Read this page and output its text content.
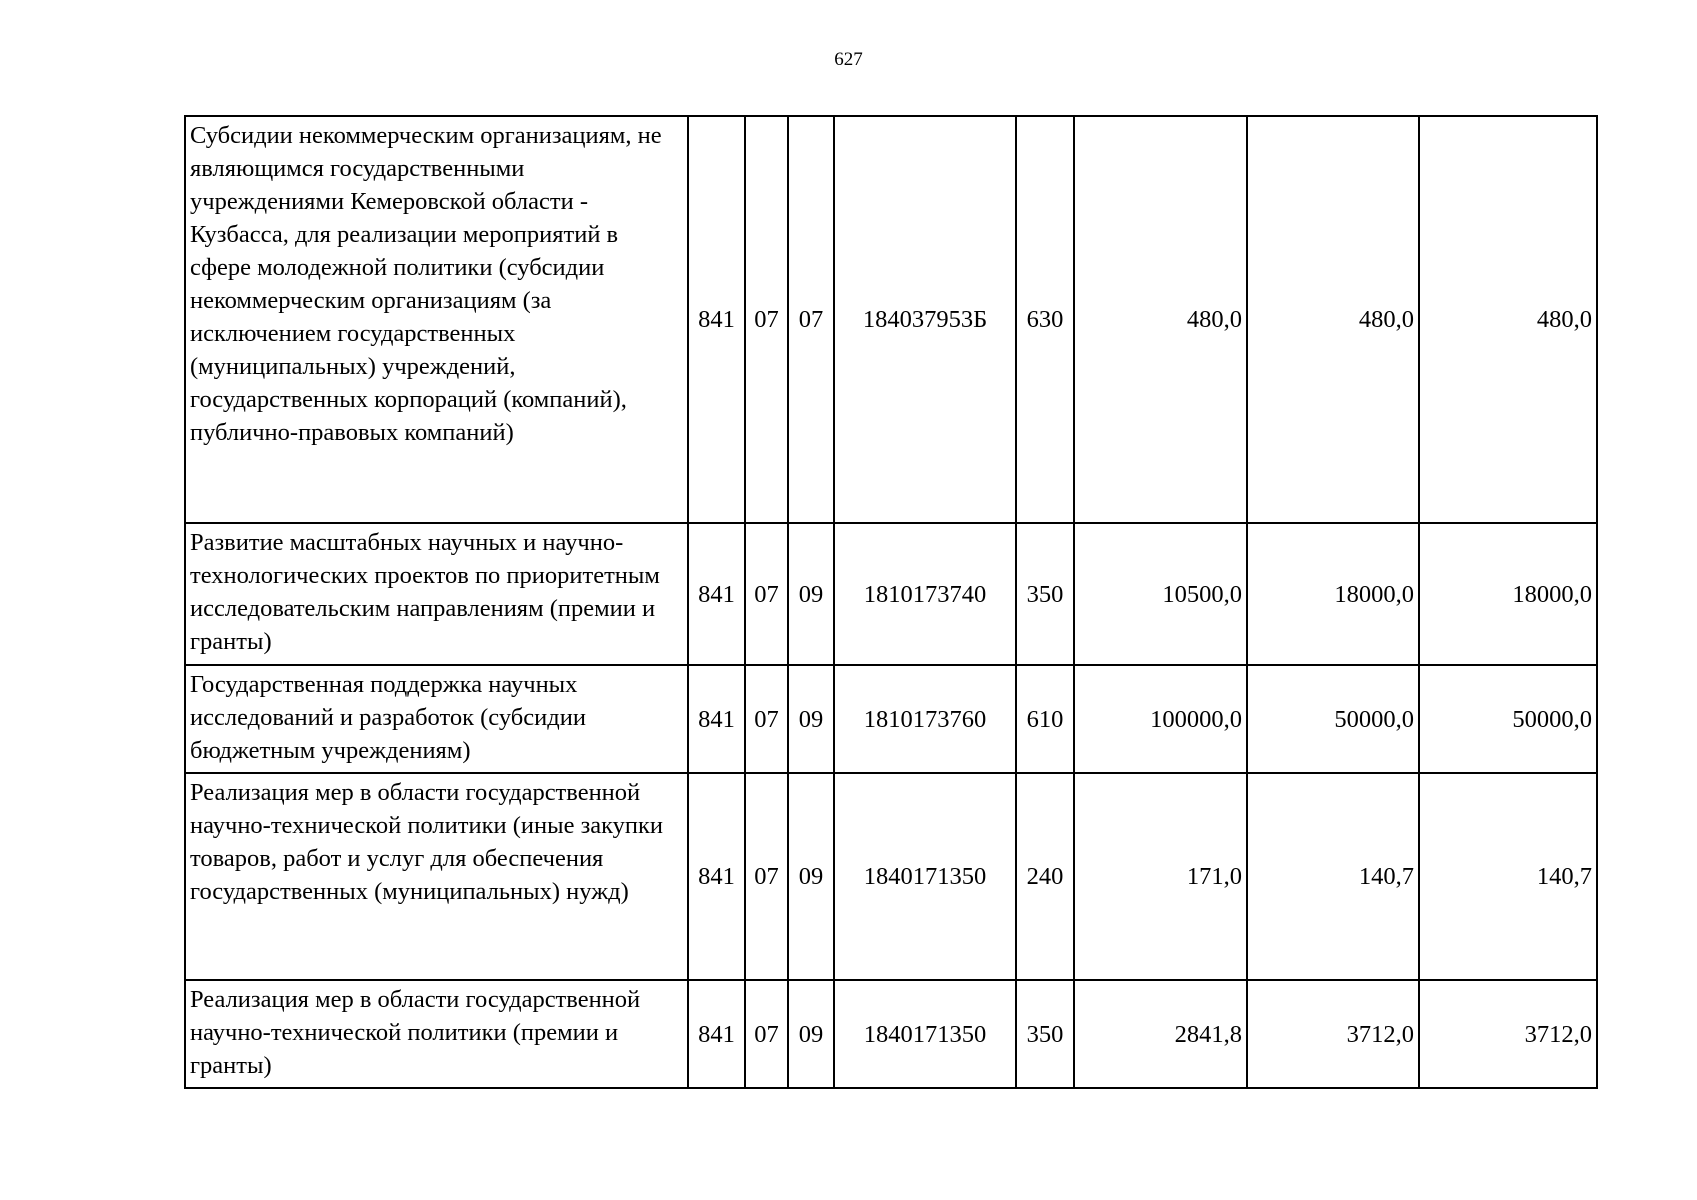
627
Субсидии некоммерческим организациям, не являющимся государственными учреждениями Кемеровской области - Кузбасса, для реализации мероприятий в сфере молодежной политики (субсидии некоммерческим организациям (за исключением государственных (муниципальных) учреждений, государственных корпораций (компаний), публично-правовых компаний)	841	07	07	184037953Б	630	480,0	480,0	480,0
Развитие масштабных научных и научно-технологических проектов по приоритетным исследовательским направлениям (премии и гранты)	841	07	09	1810173740	350	10500,0	18000,0	18000,0
Государственная поддержка научных исследований и разработок (субсидии бюджетным учреждениям)	841	07	09	1810173760	610	100000,0	50000,0	50000,0
Реализация мер в области государственной научно-технической политики (иные закупки товаров, работ и услуг для обеспечения государственных (муниципальных) нужд)	841	07	09	1840171350	240	171,0	140,7	140,7
Реализация мер в области государственной научно-технической политики (премии и гранты)	841	07	09	1840171350	350	2841,8	3712,0	3712,0
